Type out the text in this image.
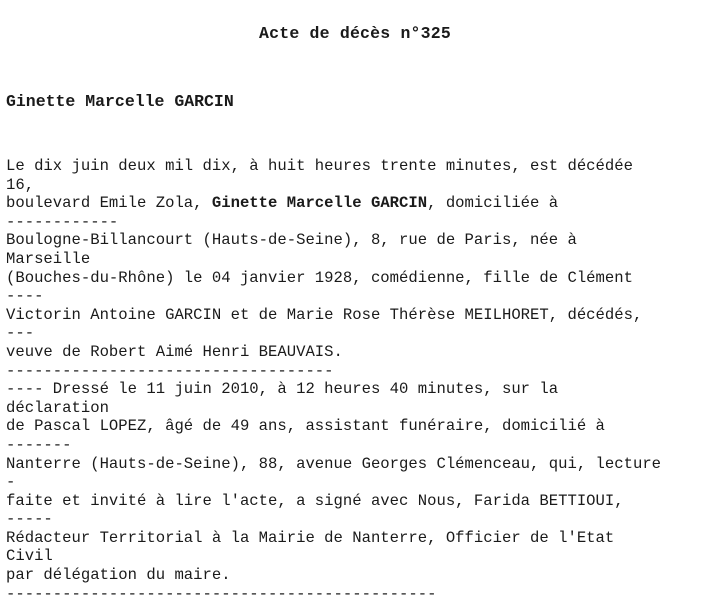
Acte de décès n°325
Ginette Marcelle GARCIN
Le dix juin deux mil dix, à huit heures trente minutes, est décédée
16,
boulevard Emile Zola, Ginette Marcelle GARCIN, domiciliée à
------------
Boulogne-Billancourt (Hauts-de-Seine), 8, rue de Paris, née à
Marseille
(Bouches-du-Rhône) le 04 janvier 1928, comédienne, fille de Clément
----
Victorin Antoine GARCIN et de Marie Rose Thérèse MEILHORET, décédés,
---
veuve de Robert Aimé Henri BEAUVAIS.
-----------------------------------
---- Dressé le 11 juin 2010, à 12 heures 40 minutes, sur la
déclaration
de Pascal LOPEZ, âgé de 49 ans, assistant funéraire, domicilié à
-------
Nanterre (Hauts-de-Seine), 88, avenue Georges Clémenceau, qui, lecture
-
faite et invité à lire l'acte, a signé avec Nous, Farida BETTIOUI,
-----
Rédacteur Territorial à la Mairie de Nanterre, Officier de l'Etat
Civil
par délégation du maire.
----------------------------------------------
